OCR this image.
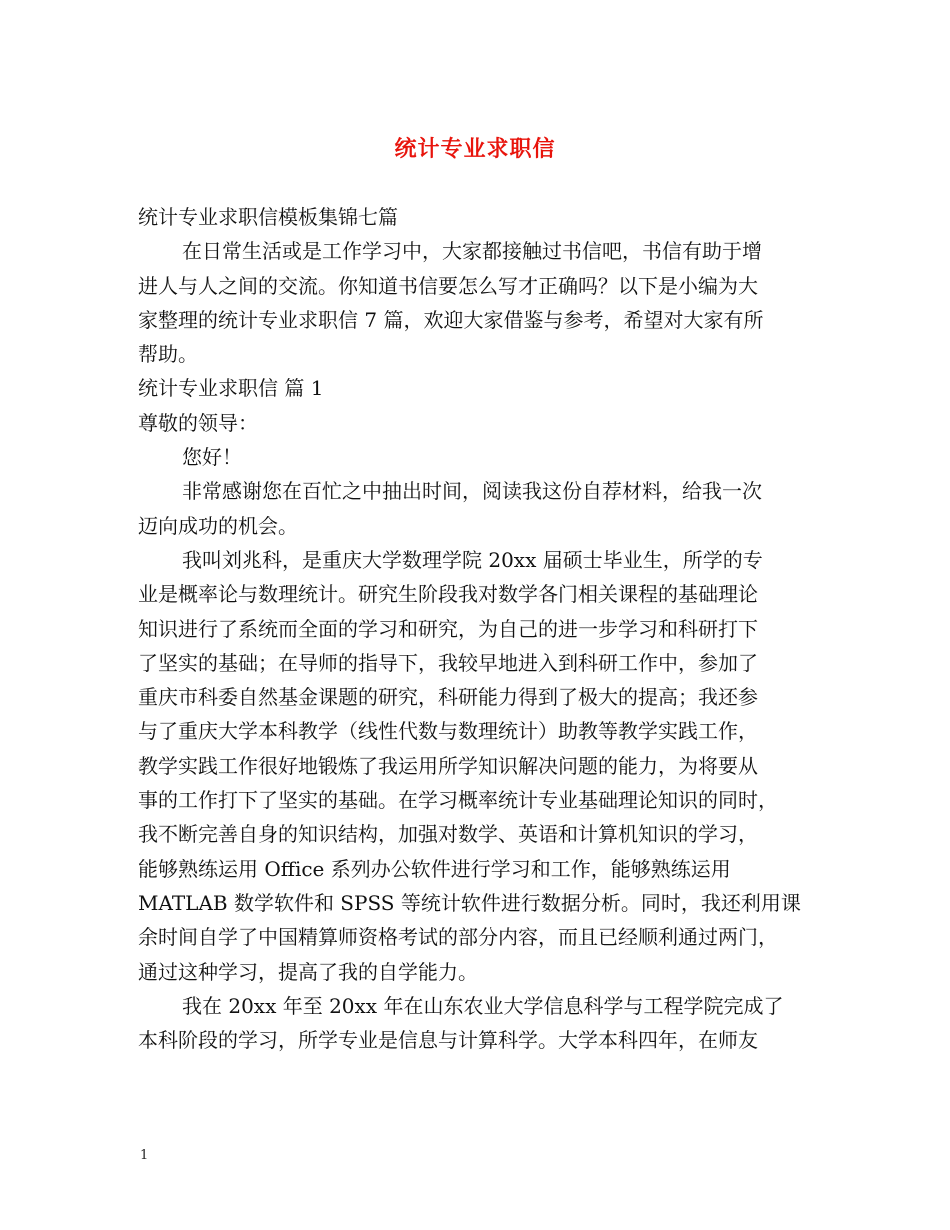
统计专业求职信
统计专业求职信模板集锦七篇
在日常生活或是工作学习中，大家都接触过书信吧，书信有助于增
进人与人之间的交流。你知道书信要怎么写才正确吗？以下是小编为大
家整理的统计专业求职信 7 篇，欢迎大家借鉴与参考，希望对大家有所
帮助。
统计专业求职信 篇 1
尊敬的领导：
您好！
非常感谢您在百忙之中抽出时间，阅读我这份自荐材料，给我一次
迈向成功的机会。
我叫刘兆科，是重庆大学数理学院 20xx 届硕士毕业生，所学的专
业是概率论与数理统计。研究生阶段我对数学各门相关课程的基础理论
知识进行了系统而全面的学习和研究，为自己的进一步学习和科研打下
了坚实的基础；在导师的指导下，我较早地进入到科研工作中，参加了
重庆市科委自然基金课题的研究，科研能力得到了极大的提高；我还参
与了重庆大学本科教学（线性代数与数理统计）助教等教学实践工作，
教学实践工作很好地锻炼了我运用所学知识解决问题的能力，为将要从
事的工作打下了坚实的基础。在学习概率统计专业基础理论知识的同时，
我不断完善自身的知识结构，加强对数学、英语和计算机知识的学习，
能够熟练运用 Office 系列办公软件进行学习和工作，能够熟练运用
MATLAB 数学软件和 SPSS 等统计软件进行数据分析。同时，我还利用课
余时间自学了中国精算师资格考试的部分内容，而且已经顺利通过两门，
通过这种学习，提高了我的自学能力。
我在 20xx 年至 20xx 年在山东农业大学信息科学与工程学院完成了
本科阶段的学习，所学专业是信息与计算科学。大学本科四年，在师友
1
